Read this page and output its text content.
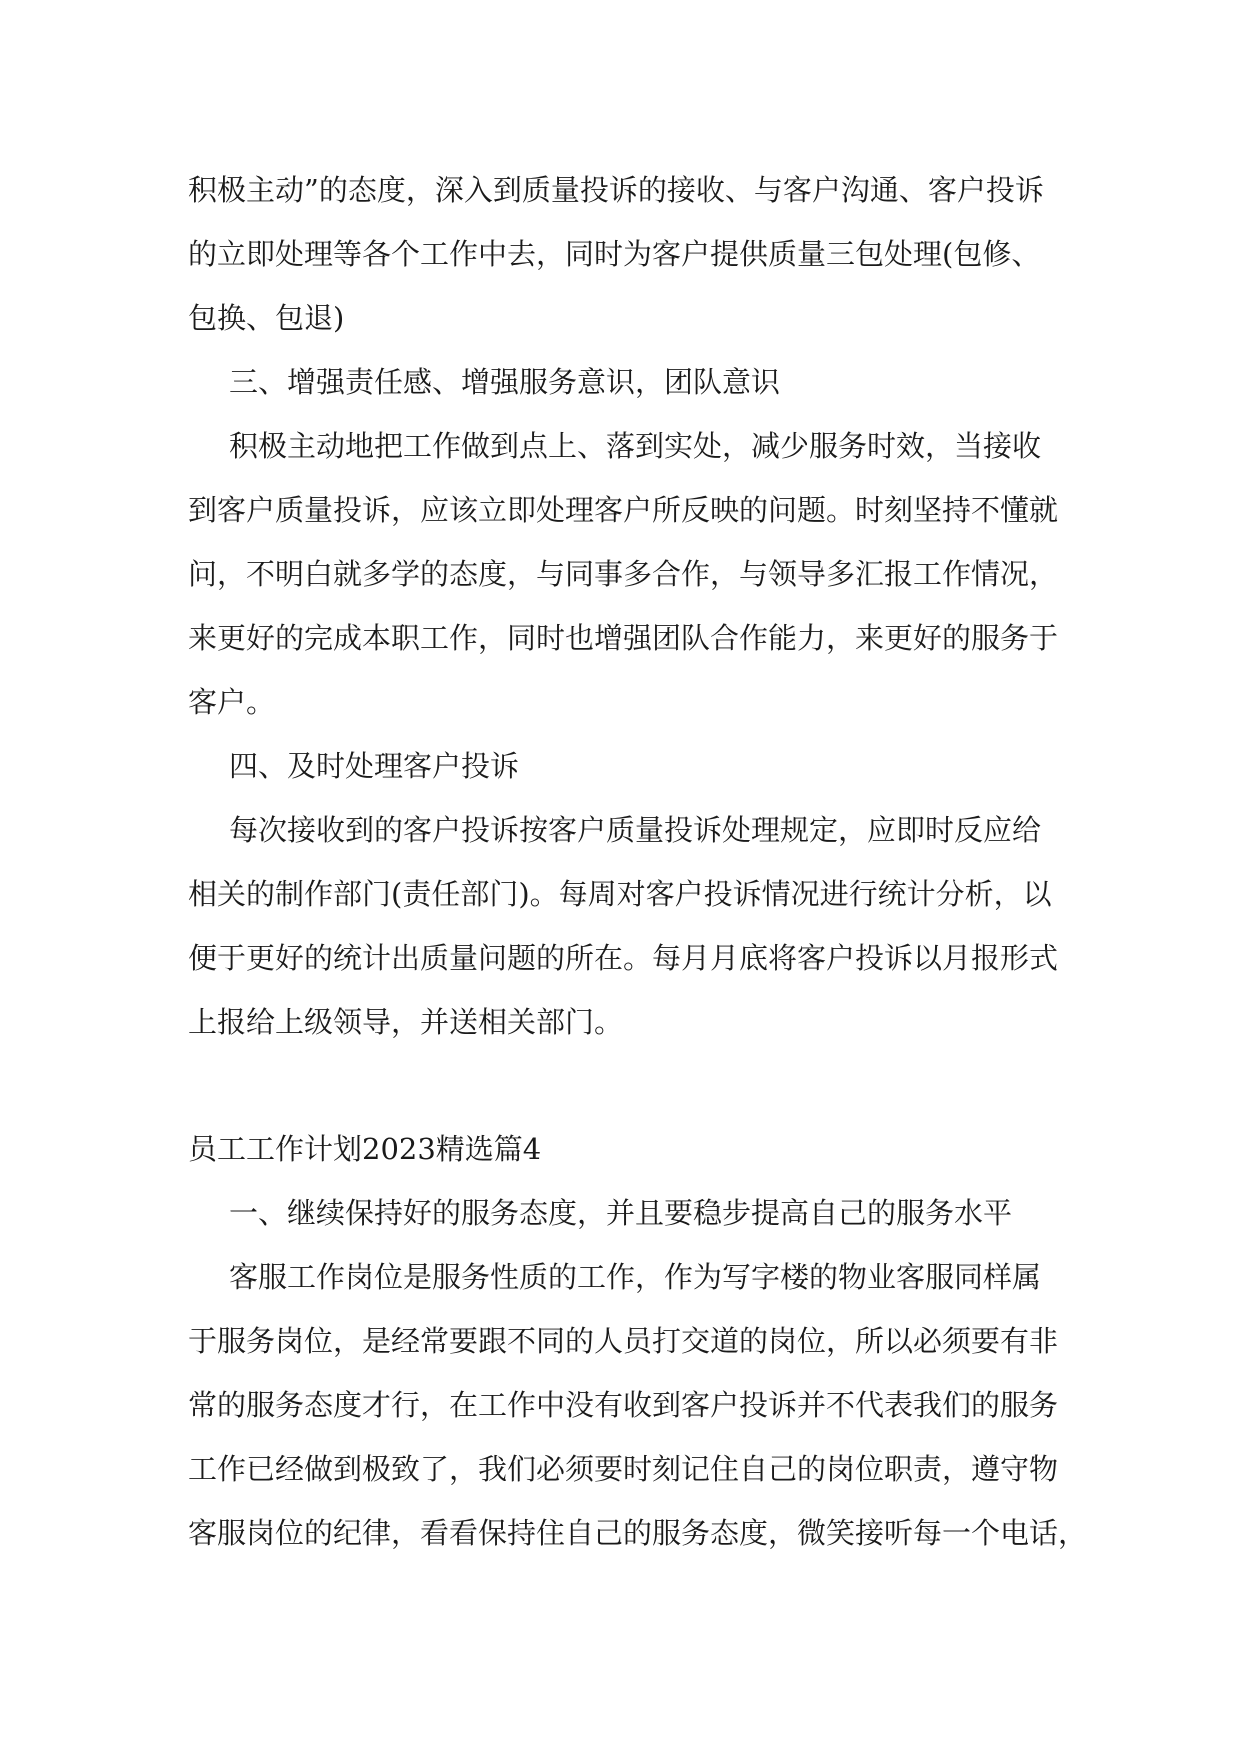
积极主动”的态度，深入到质量投诉的接收、与客户沟通、客户投诉
的立即处理等各个工作中去，同时为客户提供质量三包处理(包修、
包换、包退)
三、增强责任感、增强服务意识，团队意识
积极主动地把工作做到点上、落到实处，减少服务时效，当接收
到客户质量投诉，应该立即处理客户所反映的问题。时刻坚持不懂就
问，不明白就多学的态度，与同事多合作，与领导多汇报工作情况，
来更好的完成本职工作，同时也增强团队合作能力，来更好的服务于
客户。
四、及时处理客户投诉
每次接收到的客户投诉按客户质量投诉处理规定，应即时反应给
相关的制作部门(责任部门)。每周对客户投诉情况进行统计分析，以
便于更好的统计出质量问题的所在。每月月底将客户投诉以月报形式
上报给上级领导，并送相关部门。
员工工作计划2023精选篇4
一、继续保持好的服务态度，并且要稳步提高自己的服务水平
客服工作岗位是服务性质的工作，作为写字楼的物业客服同样属
于服务岗位，是经常要跟不同的人员打交道的岗位，所以必须要有非
常的服务态度才行，在工作中没有收到客户投诉并不代表我们的服务
工作已经做到极致了，我们必须要时刻记住自己的岗位职责，遵守物
客服岗位的纪律，看看保持住自己的服务态度，微笑接听每一个电话，
